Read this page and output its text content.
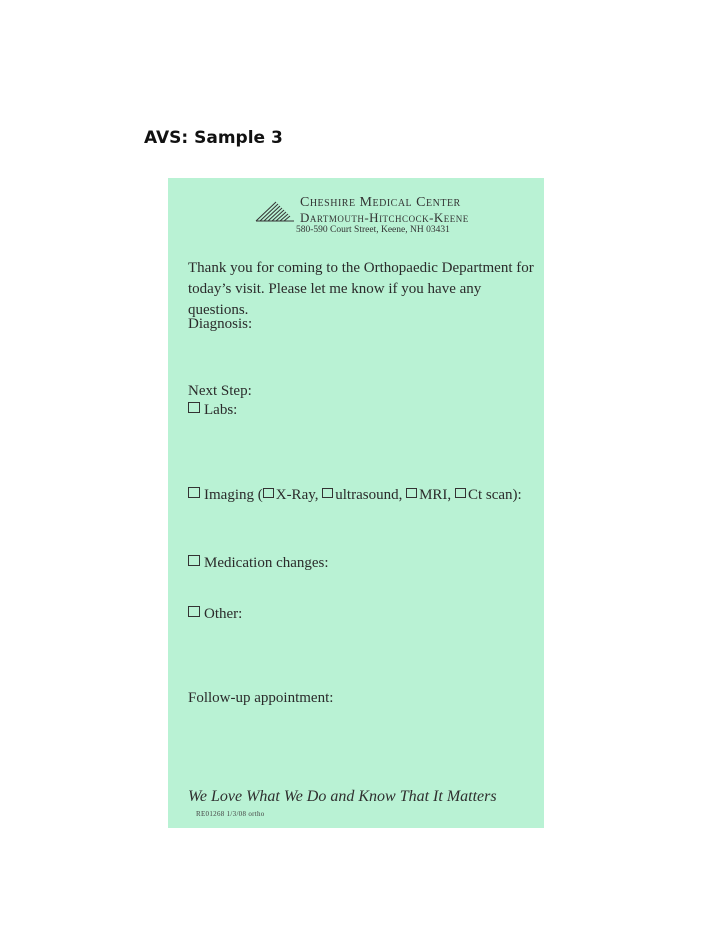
AVS: Sample 3
Cheshire Medical Center
Dartmouth-Hitchcock-Keene
580-590 Court Street, Keene, NH 03431
Thank you for coming to the Orthopaedic Department for
today’s visit. Please let me know if you have any questions.
Diagnosis:
Next Step:
Labs:
Imaging ( X-Ray, ultrasound, MRI, Ct scan):
Medication changes:
Other:
Follow-up appointment:
We Love What We Do and Know That It Matters
RE01268 1/3/08 ortho
